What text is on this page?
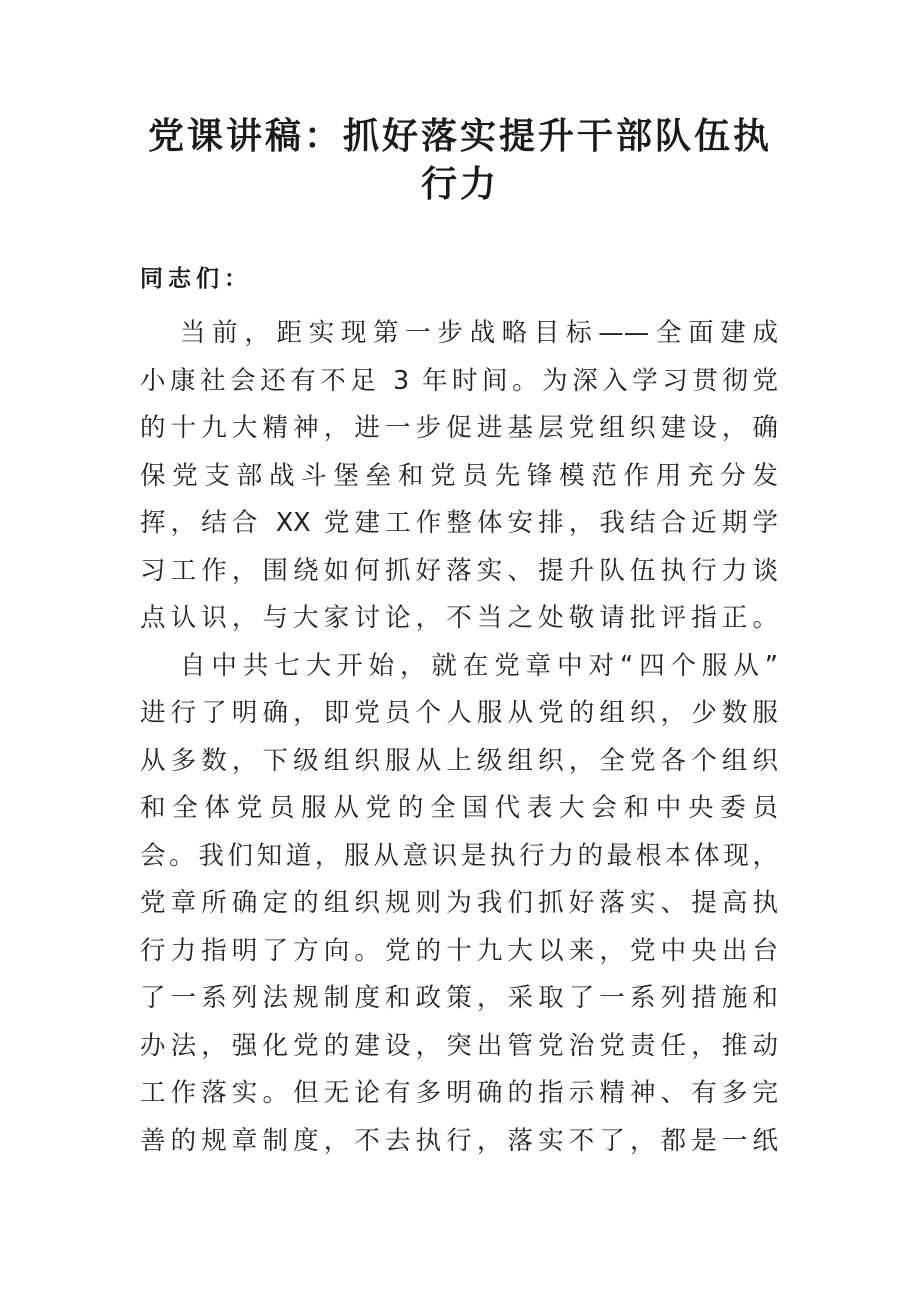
党课讲稿：抓好落实提升干部队伍执行力

同志们：

当前，距实现第一步战略目标——全面建成
小康社会还有不足 3 年时间。为深入学习贯彻党
的十九大精神，进一步促进基层党组织建设，确
保党支部战斗堡垒和党员先锋模范作用充分发
挥，结合 XX 党建工作整体安排，我结合近期学
习工作，围绕如何抓好落实、提升队伍执行力谈
点认识，与大家讨论，不当之处敬请批评指正。
自中共七大开始，就在党章中对“四个服从”
进行了明确，即党员个人服从党的组织，少数服
从多数，下级组织服从上级组织，全党各个组织
和全体党员服从党的全国代表大会和中央委员
会。我们知道，服从意识是执行力的最根本体现，
党章所确定的组织规则为我们抓好落实、提高执
行力指明了方向。党的十九大以来，党中央出台
了一系列法规制度和政策，采取了一系列措施和
办法，强化党的建设，突出管党治党责任，推动
工作落实。但无论有多明确的指示精神、有多完
善的规章制度，不去执行，落实不了，都是一纸
